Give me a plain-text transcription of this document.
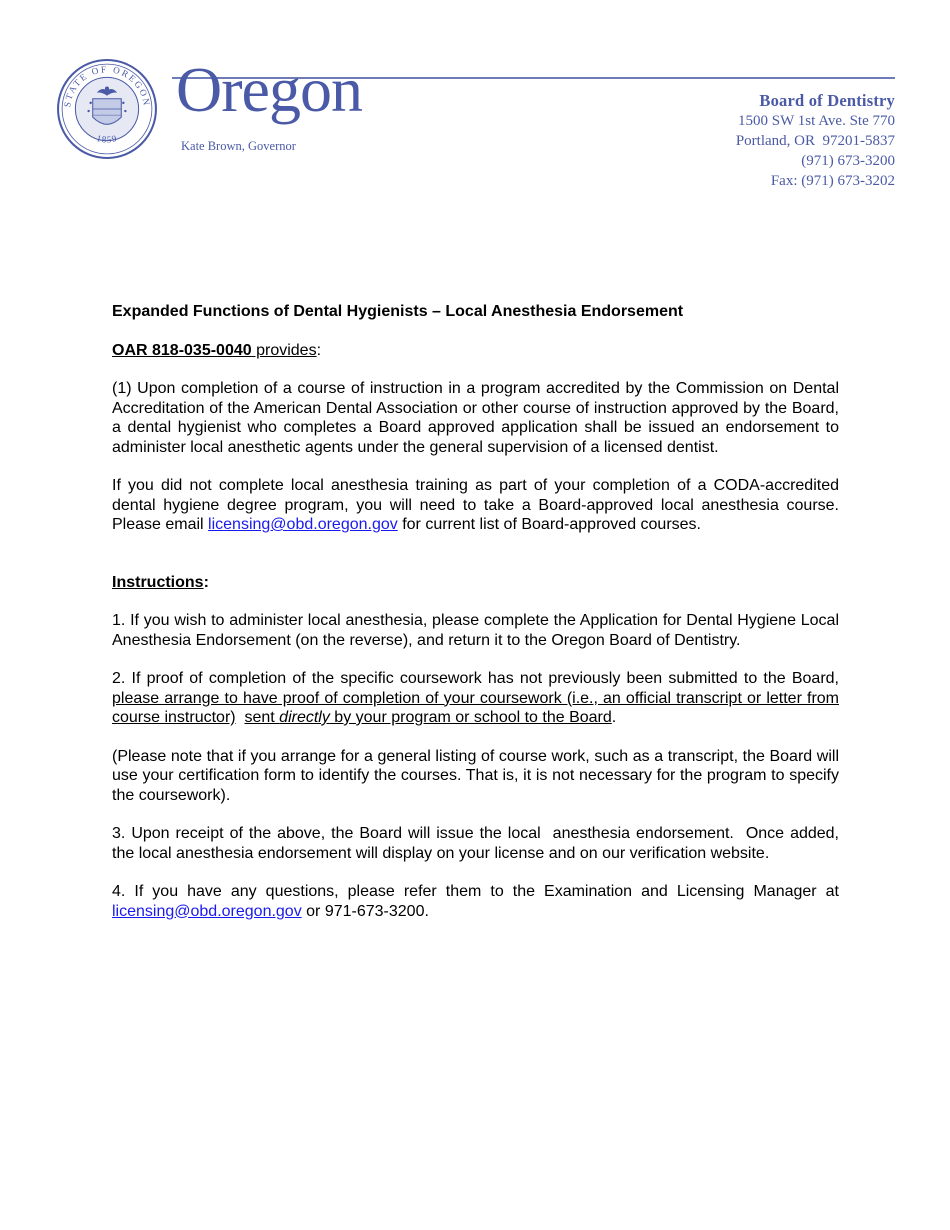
STATE OF OREGON
1859
Oregon
Kate Brown, Governor
Board of Dentistry
1500 SW 1st Ave. Ste 770
Portland, OR  97201-5837
(971) 673-3200
Fax: (971) 673-3202

Expanded Functions of Dental Hygienists – Local Anesthesia Endorsement

OAR 818-035-0040 provides:

(1) Upon completion of a course of instruction in a program accredited by the Commission on Dental Accreditation of the American Dental Association or other course of instruction approved by the Board, a dental hygienist who completes a Board approved application shall be issued an endorsement to administer local anesthetic agents under the general supervision of a licensed dentist.

If you did not complete local anesthesia training as part of your completion of a CODA-accredited dental hygiene degree program, you will need to take a Board-approved local anesthesia course. Please email licensing@obd.oregon.gov for current list of Board-approved courses.

Instructions:

1. If you wish to administer local anesthesia, please complete the Application for Dental Hygiene Local Anesthesia Endorsement (on the reverse), and return it to the Oregon Board of Dentistry.

2. If proof of completion of the specific coursework has not previously been submitted to the Board, please arrange to have proof of completion of your coursework (i.e., an official transcript or letter from course instructor) sent directly by your program or school to the Board.

(Please note that if you arrange for a general listing of course work, such as a transcript, the Board will use your certification form to identify the courses. That is, it is not necessary for the program to specify the coursework).

3. Upon receipt of the above, the Board will issue the local  anesthesia endorsement.  Once added, the local anesthesia endorsement will display on your license and on our verification website.

4. If you have any questions, please refer them to the Examination and Licensing Manager at licensing@obd.oregon.gov or 971-673-3200.
